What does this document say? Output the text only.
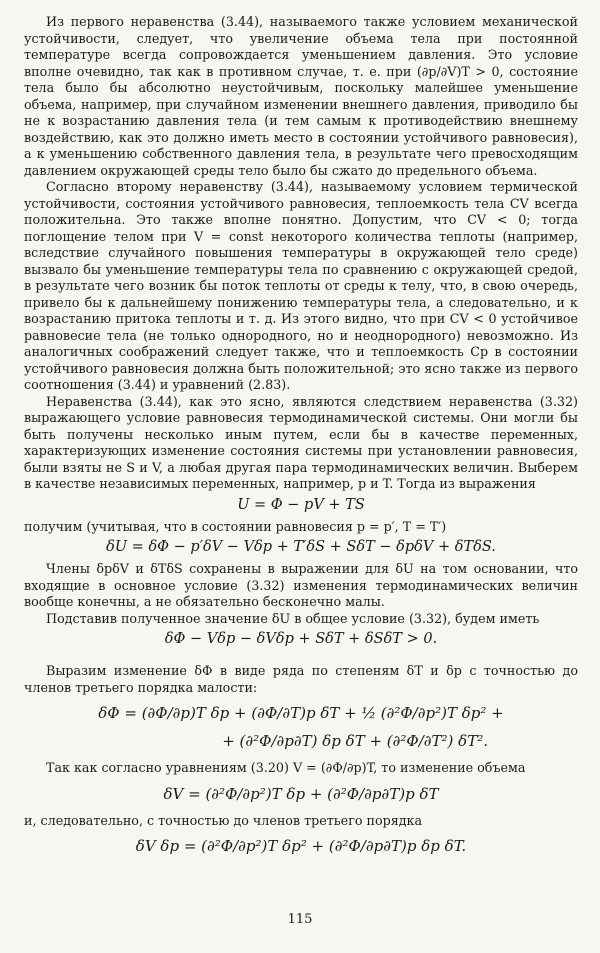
Из первого неравенства (3.44), называемого также условием механической устойчивости, следует, что увеличение объема тела при постоянной температуре всегда сопровождается уменьшением давления. Это условие вполне очевидно, так как в противном случае, т. е. при (∂p/∂V)T > 0, состояние тела было бы абсолютно неустойчивым, поскольку малейшее уменьшение объема, например, при случайном изменении внешнего давления, приводило бы не к возрастанию давления тела (и тем самым к противодействию внешнему воздействию, как это должно иметь место в состоянии устойчивого равновесия), а к уменьшению собственного давления тела, в результате чего превосходящим давлением окружающей среды тело было бы сжато до предельного объема.

Согласно второму неравенству (3.44), называемому условием термической устойчивости, состояния устойчивого равновесия, теплоемкость тела CV всегда положительна. Это также вполне понятно. Допустим, что CV < 0; тогда поглощение телом при V = const некоторого количества теплоты (например, вследствие случайного повышения температуры в окружающей тело среде) вызвало бы уменьшение температуры тела по сравнению с окружающей средой, в результате чего возник бы поток теплоты от среды к телу, что, в свою очередь, привело бы к дальнейшему понижению температуры тела, а следовательно, и к возрастанию притока теплоты и т. д. Из этого видно, что при CV < 0 устойчивое равновесие тела (не только однородного, но и неоднородного) невозможно. Из аналогичных соображений следует также, что и теплоемкость Cp в состоянии устойчивого равновесия должна быть положительной; это ясно также из первого соотношения (3.44) и уравнений (2.83).

Неравенства (3.44), как это ясно, являются следствием неравенства (3.32) выражающего условие равновесия термодинамической системы. Они могли бы быть получены несколько иным путем, если бы в качестве переменных, характеризующих изменение состояния системы при установлении равновесия, были взяты не S и V, а любая другая пара термодинамических величин. Выберем в качестве независимых переменных, например, p и T. Тогда из выражения

U = Φ − pV + TS

получим (учитывая, что в состоянии равновесия p = p′, T = T′)

δU = δΦ − p′δV − Vδp + T′δS + SδT − δpδV + δTδS.

Члены δpδV и δTδS сохранены в выражении для δU на том основании, что входящие в основное условие (3.32) изменения термодинамических величин вообще конечны, а не обязательно бесконечно малы.

Подставив полученное значение δU в общее условие (3.32), будем иметь

δΦ − Vδp − δVδp + SδT + δSδT > 0.

Выразим изменение δΦ в виде ряда по степеням δT и δp с точностью до членов третьего порядка малости:

δΦ = (∂Φ/∂p)T δp + (∂Φ/∂T)p δT + ½ (∂²Φ/∂p²)T δp² +
+ (∂²Φ/∂p∂T) δp δT + (∂²Φ/∂T²) δT².

Так как согласно уравнениям (3.20) V = (∂Φ/∂p)T, то изменение объема

δV = (∂²Φ/∂p²)T δp + (∂²Φ/∂p∂T)p δT

и, следовательно, с точностью до членов третьего порядка

δV δp = (∂²Φ/∂p²)T δp² + (∂²Φ/∂p∂T)p δp δT.
115
